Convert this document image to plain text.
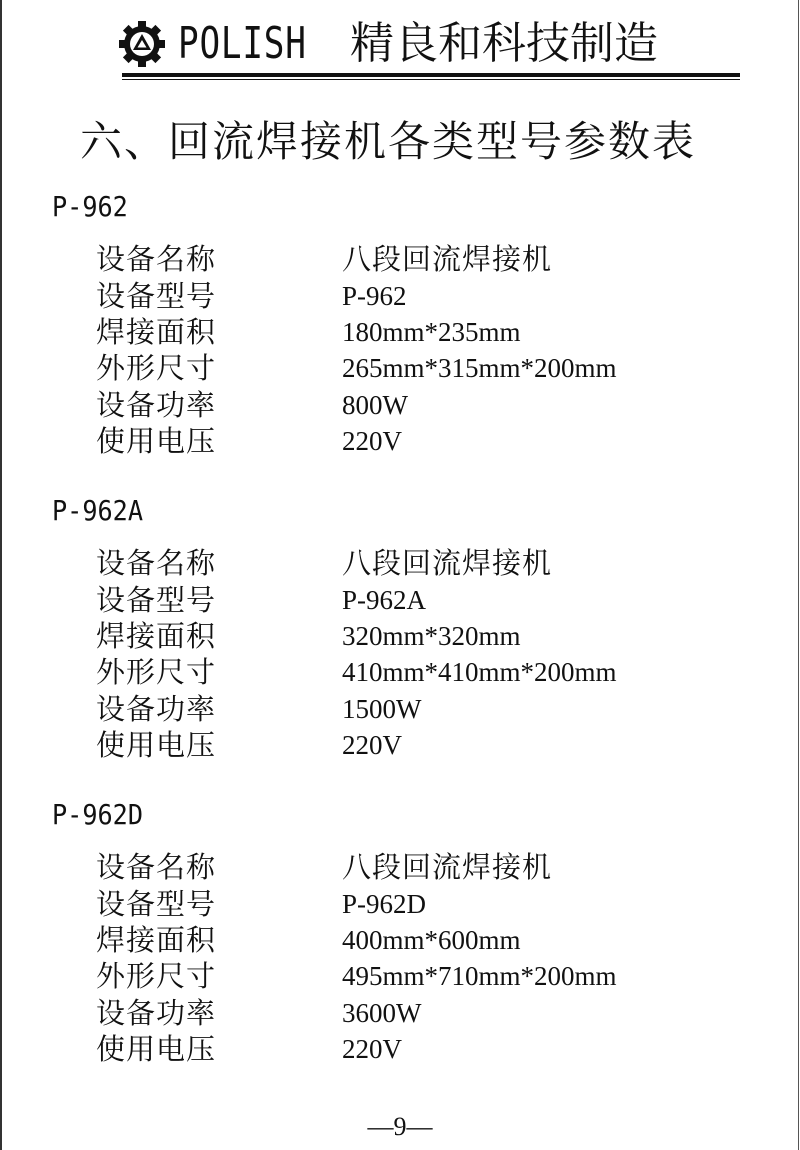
POLISH 精良和科技制造
六、回流焊接机各类型号参数表
P-962
设备名称	八段回流焊接机
设备型号	P-962
焊接面积	180mm*235mm
外形尺寸	265mm*315mm*200mm
设备功率	800W
使用电压	220V
P-962A
设备名称	八段回流焊接机
设备型号	P-962A
焊接面积	320mm*320mm
外形尺寸	410mm*410mm*200mm
设备功率	1500W
使用电压	220V
P-962D
设备名称	八段回流焊接机
设备型号	P-962D
焊接面积	400mm*600mm
外形尺寸	495mm*710mm*200mm
设备功率	3600W
使用电压	220V
—9—
